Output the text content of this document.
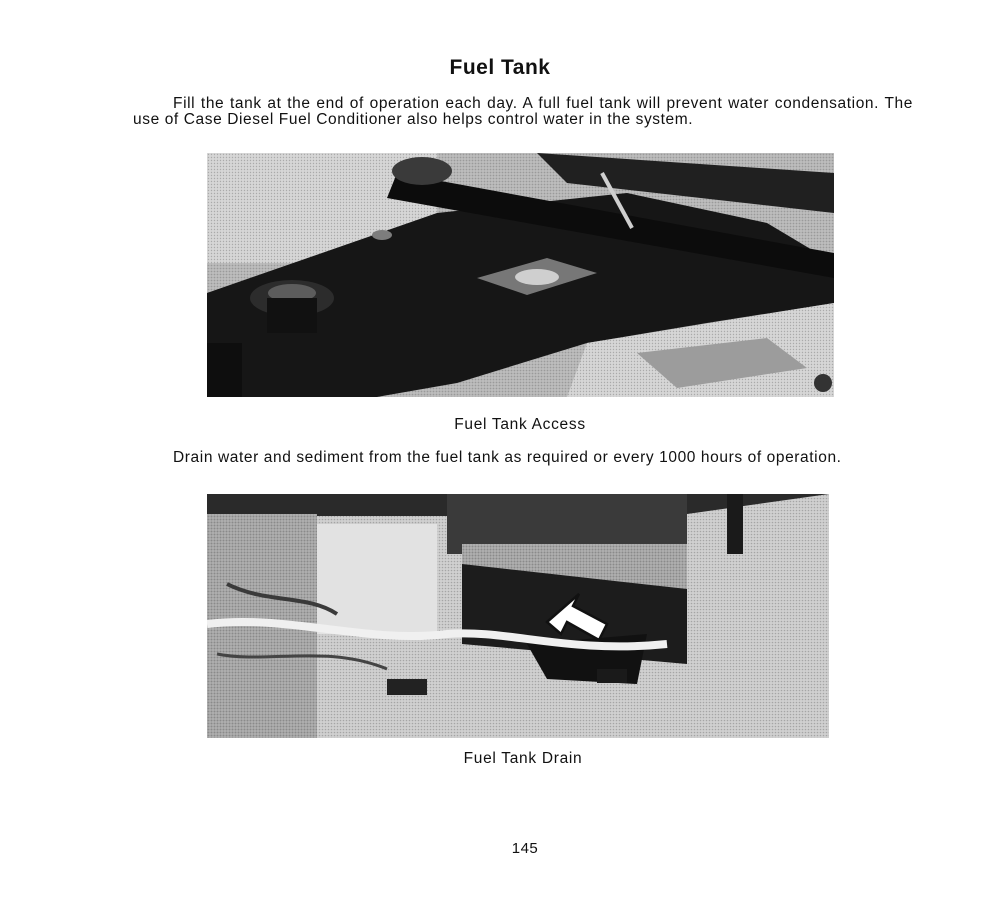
Fuel Tank

Fill the tank at the end of operation each day. A full fuel tank will prevent water condensation. The use of Case Diesel Fuel Conditioner also helps control water in the system.

Fuel Tank Access

Drain water and sediment from the fuel tank as required or every 1000 hours of operation.

Fuel Tank Drain
145
